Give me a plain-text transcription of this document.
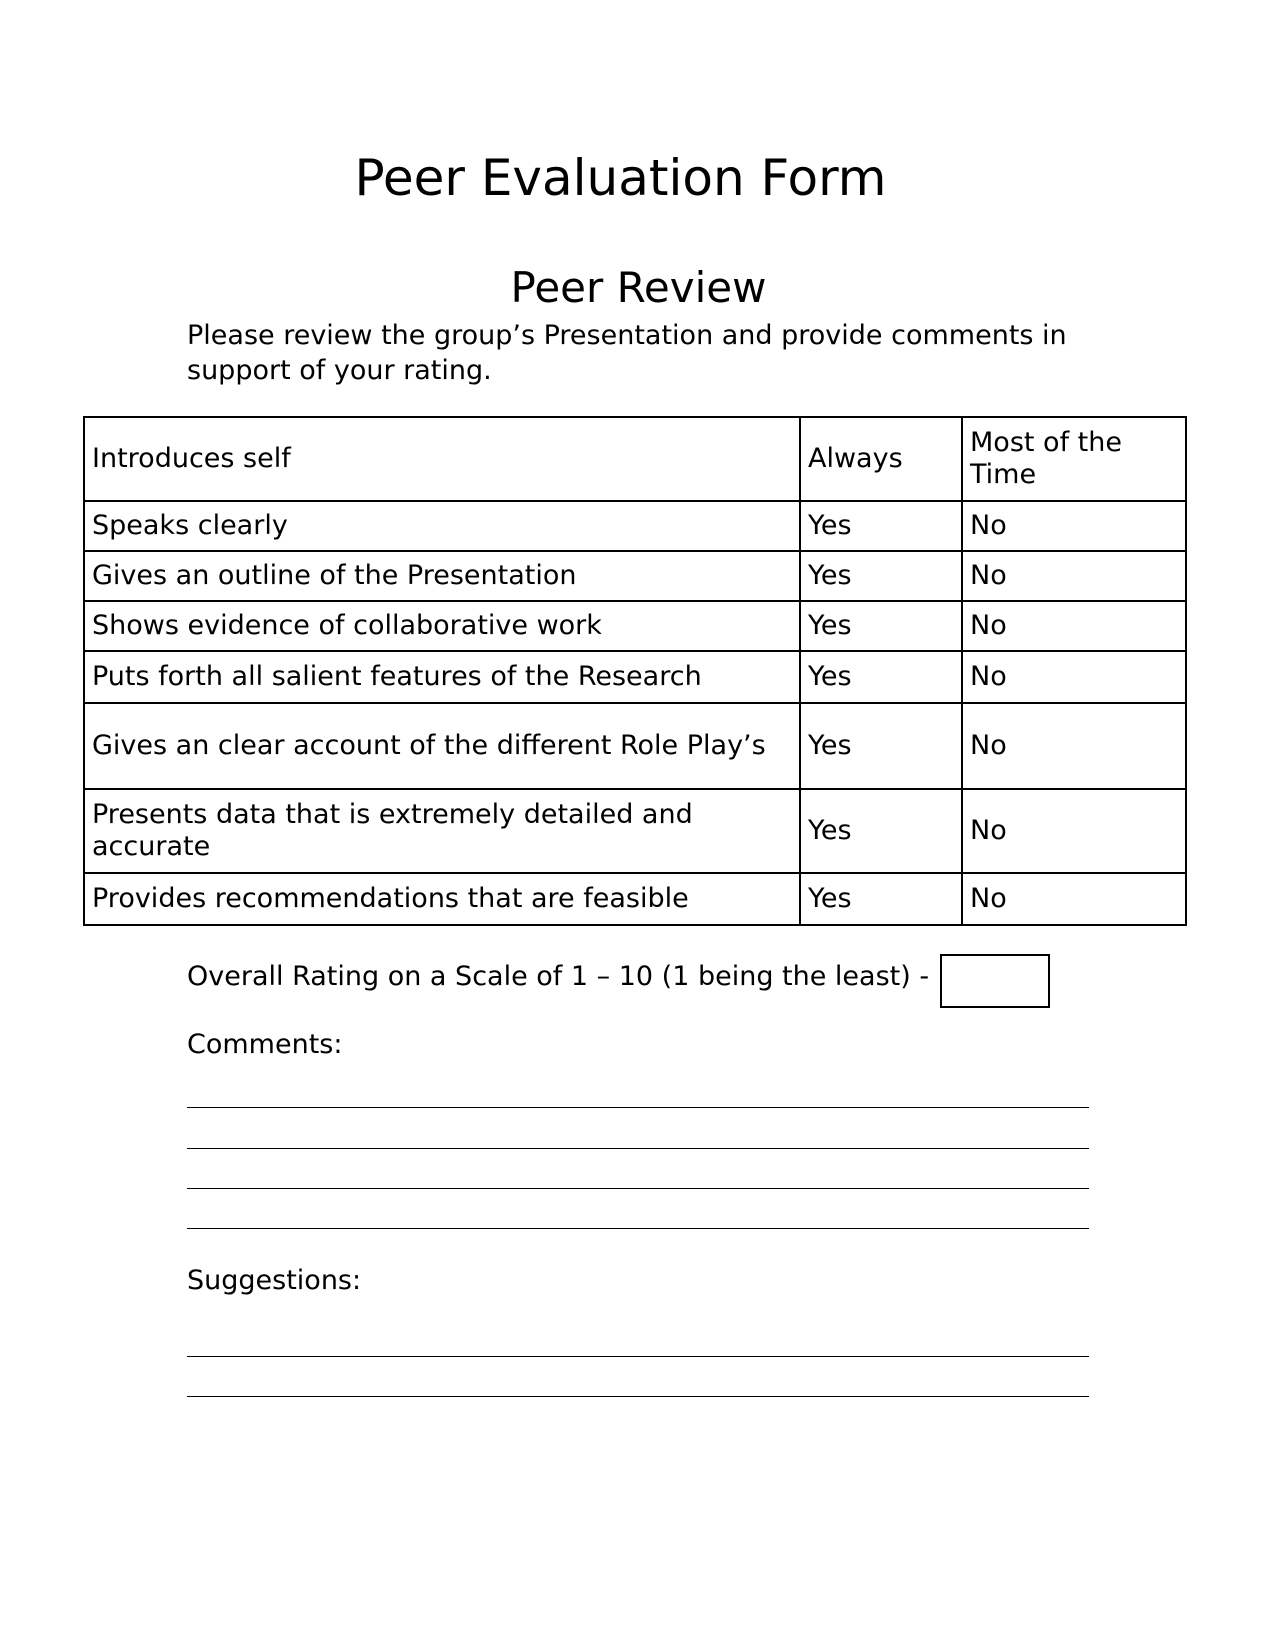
Peer Evaluation Form
Peer Review

Please review the group’s Presentation and provide comments in support of your rating.

Introduces self	Always	Most of the Time
Speaks clearly	Yes	No
Gives an outline of the Presentation	Yes	No
Shows evidence of collaborative work	Yes	No
Puts forth all salient features of the Research	Yes	No
Gives an clear account of the different Role Play’s	Yes	No
Presents data that is extremely detailed and accurate	Yes	No
Provides recommendations that are feasible	Yes	No
Overall Rating on a Scale of 1 – 10 (1 being the least) -
Comments:
Suggestions:
